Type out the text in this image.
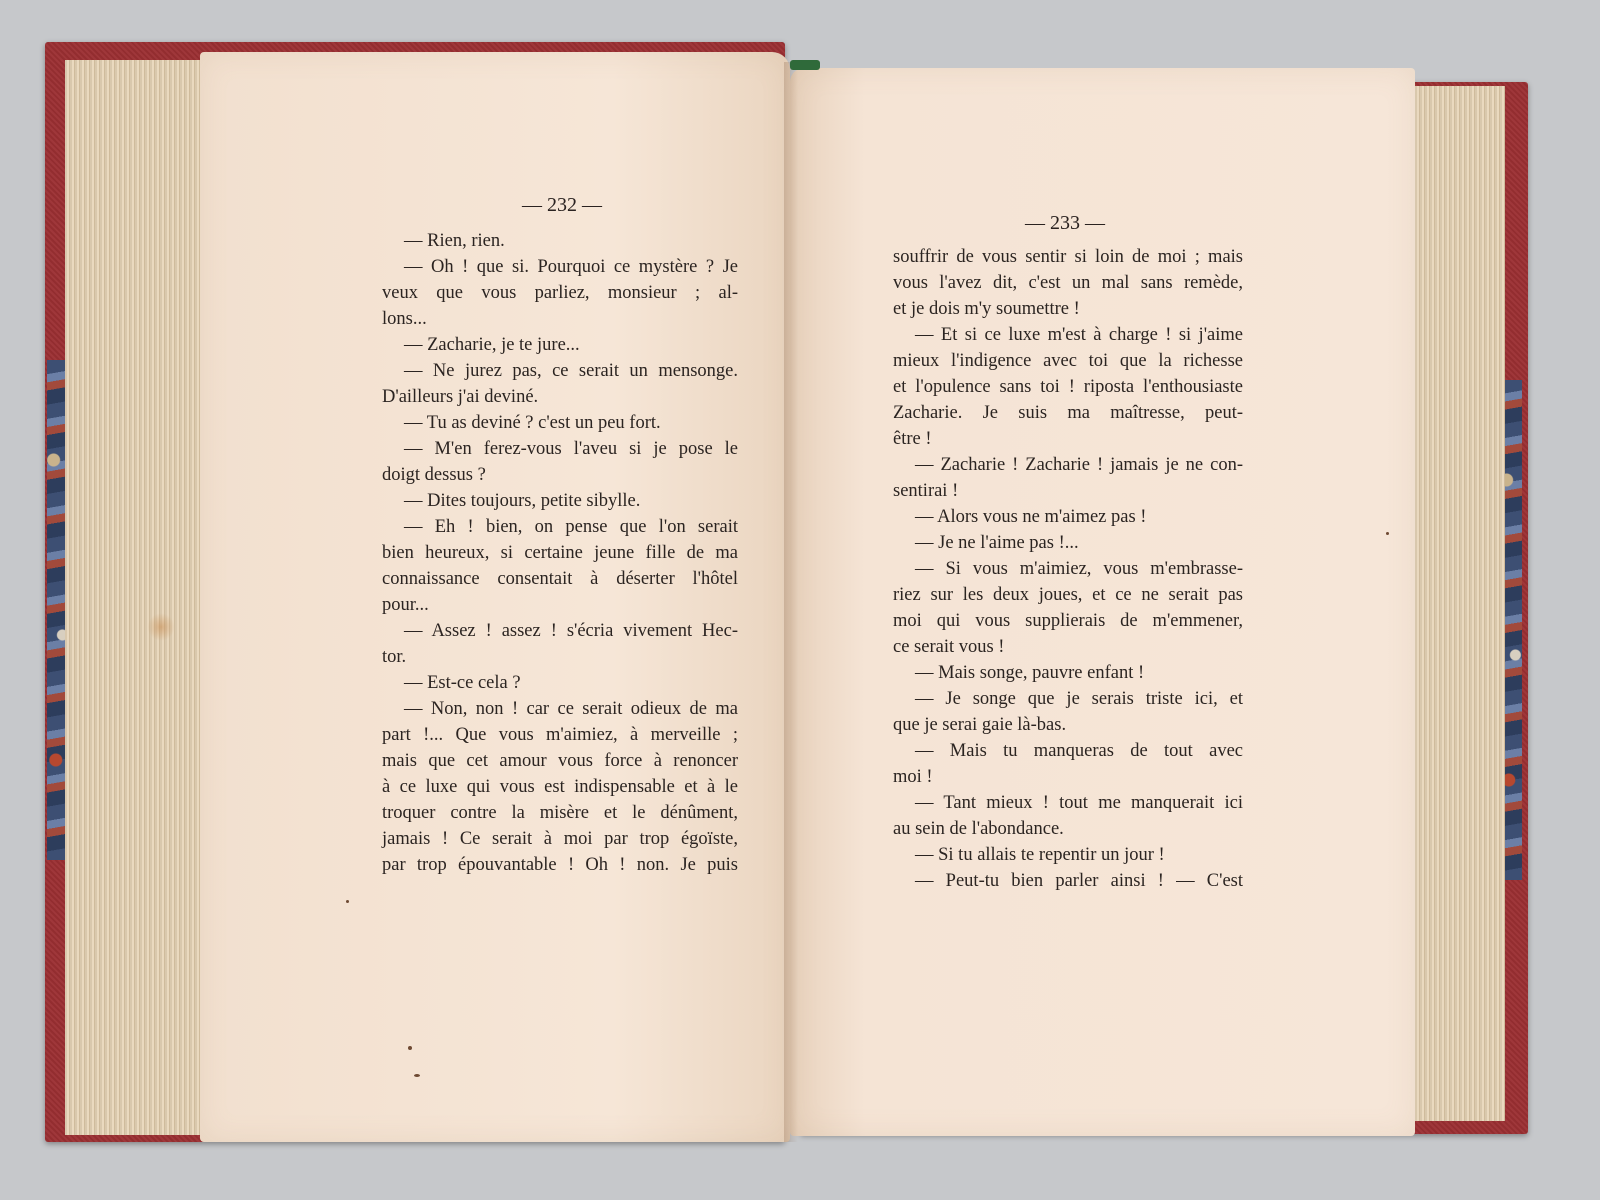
— 232 —
— Rien, rien.
— Oh ! que si. Pourquoi ce mystère ? Je
veux que vous parliez, monsieur ; al-
lons...
— Zacharie, je te jure...
— Ne jurez pas, ce serait un mensonge.
D'ailleurs j'ai deviné.
— Tu as deviné ? c'est un peu fort.
— M'en ferez-vous l'aveu si je pose le
doigt dessus ?
— Dites toujours, petite sibylle.
— Eh ! bien, on pense que l'on serait
bien heureux, si certaine jeune fille de ma
connaissance consentait à déserter l'hôtel
pour...
— Assez ! assez ! s'écria vivement Hec-
tor.
— Est-ce cela ?
— Non, non ! car ce serait odieux de ma
part !... Que vous m'aimiez, à merveille ;
mais que cet amour vous force à renoncer
à ce luxe qui vous est indispensable et à le
troquer contre la misère et le dénûment,
jamais ! Ce serait à moi par trop égoïste,
par trop épouvantable ! Oh ! non. Je puis
— 233 —
souffrir de vous sentir si loin de moi ; mais
vous l'avez dit, c'est un mal sans remède,
et je dois m'y soumettre !
— Et si ce luxe m'est à charge ! si j'aime
mieux l'indigence avec toi que la richesse
et l'opulence sans toi ! riposta l'enthousiaste
Zacharie. Je suis ma maîtresse, peut-
être !
— Zacharie ! Zacharie ! jamais je ne con-
sentirai !
— Alors vous ne m'aimez pas !
— Je ne l'aime pas !...
— Si vous m'aimiez, vous m'embrasse-
riez sur les deux joues, et ce ne serait pas
moi qui vous supplierais de m'emmener,
ce serait vous !
— Mais songe, pauvre enfant !
— Je songe que je serais triste ici, et
que je serai gaie là-bas.
— Mais tu manqueras de tout avec
moi !
— Tant mieux ! tout me manquerait ici
au sein de l'abondance.
— Si tu allais te repentir un jour !
— Peut-tu bien parler ainsi ! — C'est
